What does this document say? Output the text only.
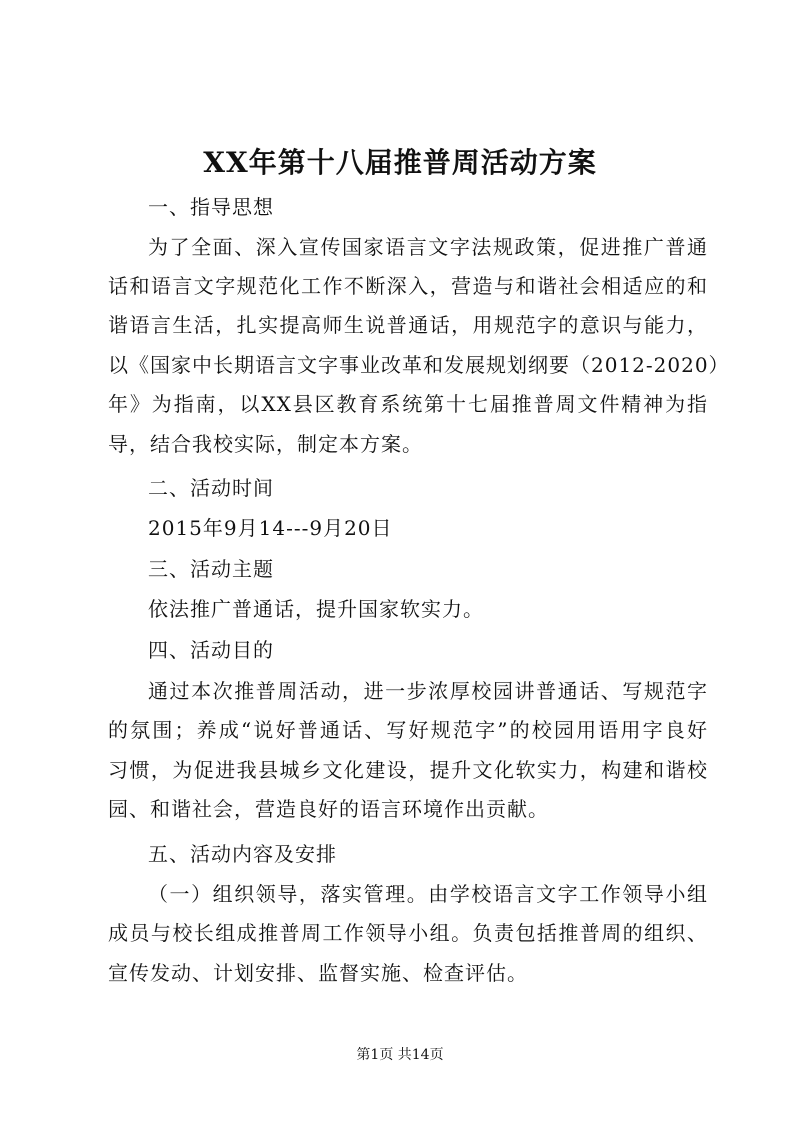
XX年第十八届推普周活动方案
一、指导思想
为了全面、深入宣传国家语言文字法规政策，促进推广普通
话和语言文字规范化工作不断深入，营造与和谐社会相适应的和
谐语言生活，扎实提高师生说普通话，用规范字的意识与能力，
以《国家中长期语言文字事业改革和发展规划纲要（2012-2020）
年》为指南，以XX县区教育系统第十七届推普周文件精神为指
导，结合我校实际，制定本方案。
二、活动时间
2015年9月14---9月20日
三、活动主题
依法推广普通话，提升国家软实力。
四、活动目的
通过本次推普周活动，进一步浓厚校园讲普通话、写规范字
的氛围；养成“说好普通话、写好规范字”的校园用语用字良好
习惯，为促进我县城乡文化建设，提升文化软实力，构建和谐校
园、和谐社会，营造良好的语言环境作出贡献。
五、活动内容及安排
（一）组织领导，落实管理。由学校语言文字工作领导小组
成员与校长组成推普周工作领导小组。负责包括推普周的组织、
宣传发动、计划安排、监督实施、检查评估。
第1页 共14页
